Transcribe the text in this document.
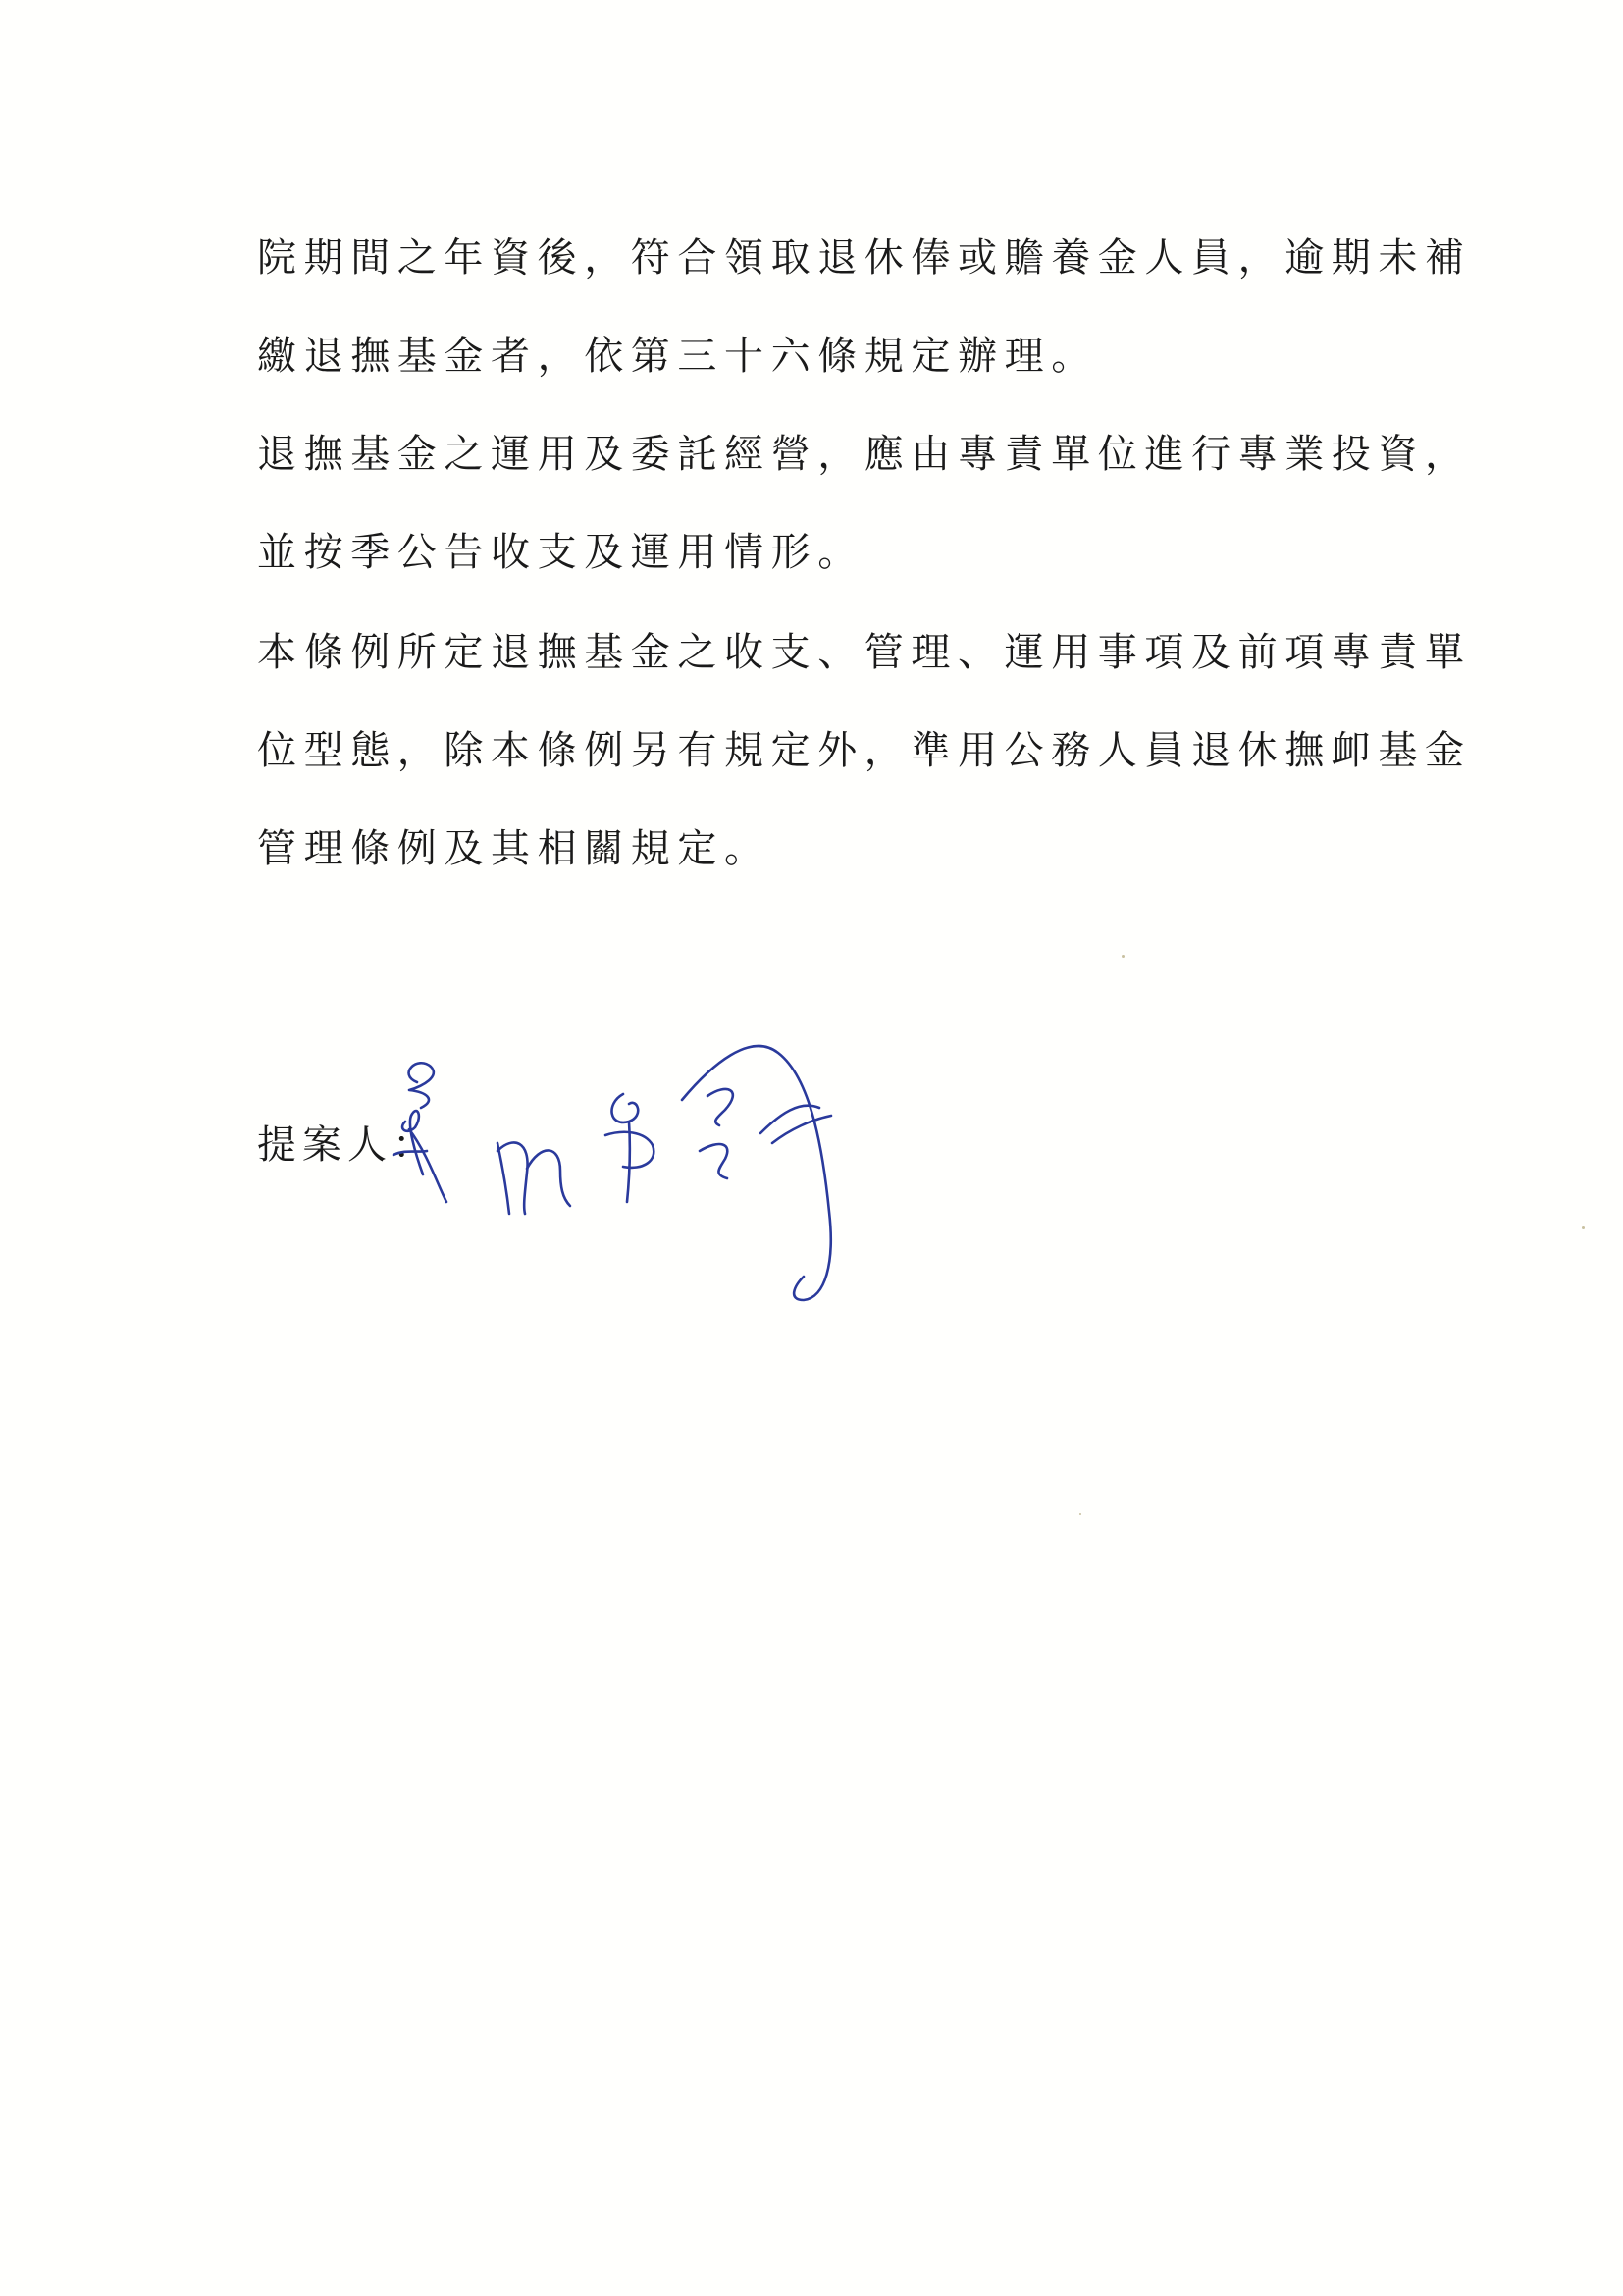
院期間之年資後，符合領取退休俸或贍養金人員，逾期未補
繳退撫基金者，依第三十六條規定辦理。
退撫基金之運用及委託經營，應由專責單位進行專業投資，
並按季公告收支及運用情形。
本條例所定退撫基金之收支、管理、運用事項及前項專責單
位型態，除本條例另有規定外，準用公務人員退休撫卹基金
管理條例及其相關規定。
提案人：
